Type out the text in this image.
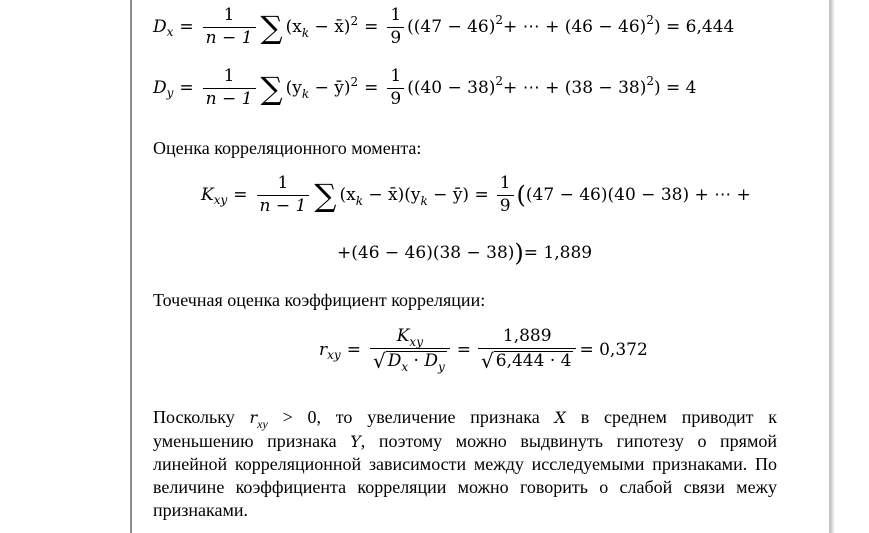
D $x = \frac{1}{n - 1}$ ∑ ($x_k$ − x̄)$^2$ = $\frac{1}{9} ((47 - 46) 2$ + ⋯ + (46 − 46) 2 ) = 6,444
D $y = \frac{1}{n - 1}$ ∑ ($y_k$ − ȳ)$^2$ = $\frac{1}{9} ((40 - 38) 2$ + ⋯ + (38 − 38) 2 ) = 4
Оценка корреляционного момента:
K xy = $\frac{1}{n - 1}$ ∑ ($x_k$ − $x̄)(y_k$ − ȳ) = $\frac{1}{9}$ ( (47 − 46)(40 − 38) + ⋯ +
+(46 − 46)(38 − 38) ) = 1,889
Точечная оценка коэффициент корреляции:
r xy = $\frac{K_{xy}}{√ D_x \cdot D_y} = \frac{1,889}{√ 6,444 \cdot 4} = 0,372$
Поскольку $r_{xy} > 0$, то увеличение признака X в среднем приводит к
уменьшению признака Y, поэтому можно выдвинуть гипотезу о прямой
линейной корреляционной зависимости между исследуемыми признаками. По
величине коэффициента корреляции можно говорить о слабой связи межу
признаками.
